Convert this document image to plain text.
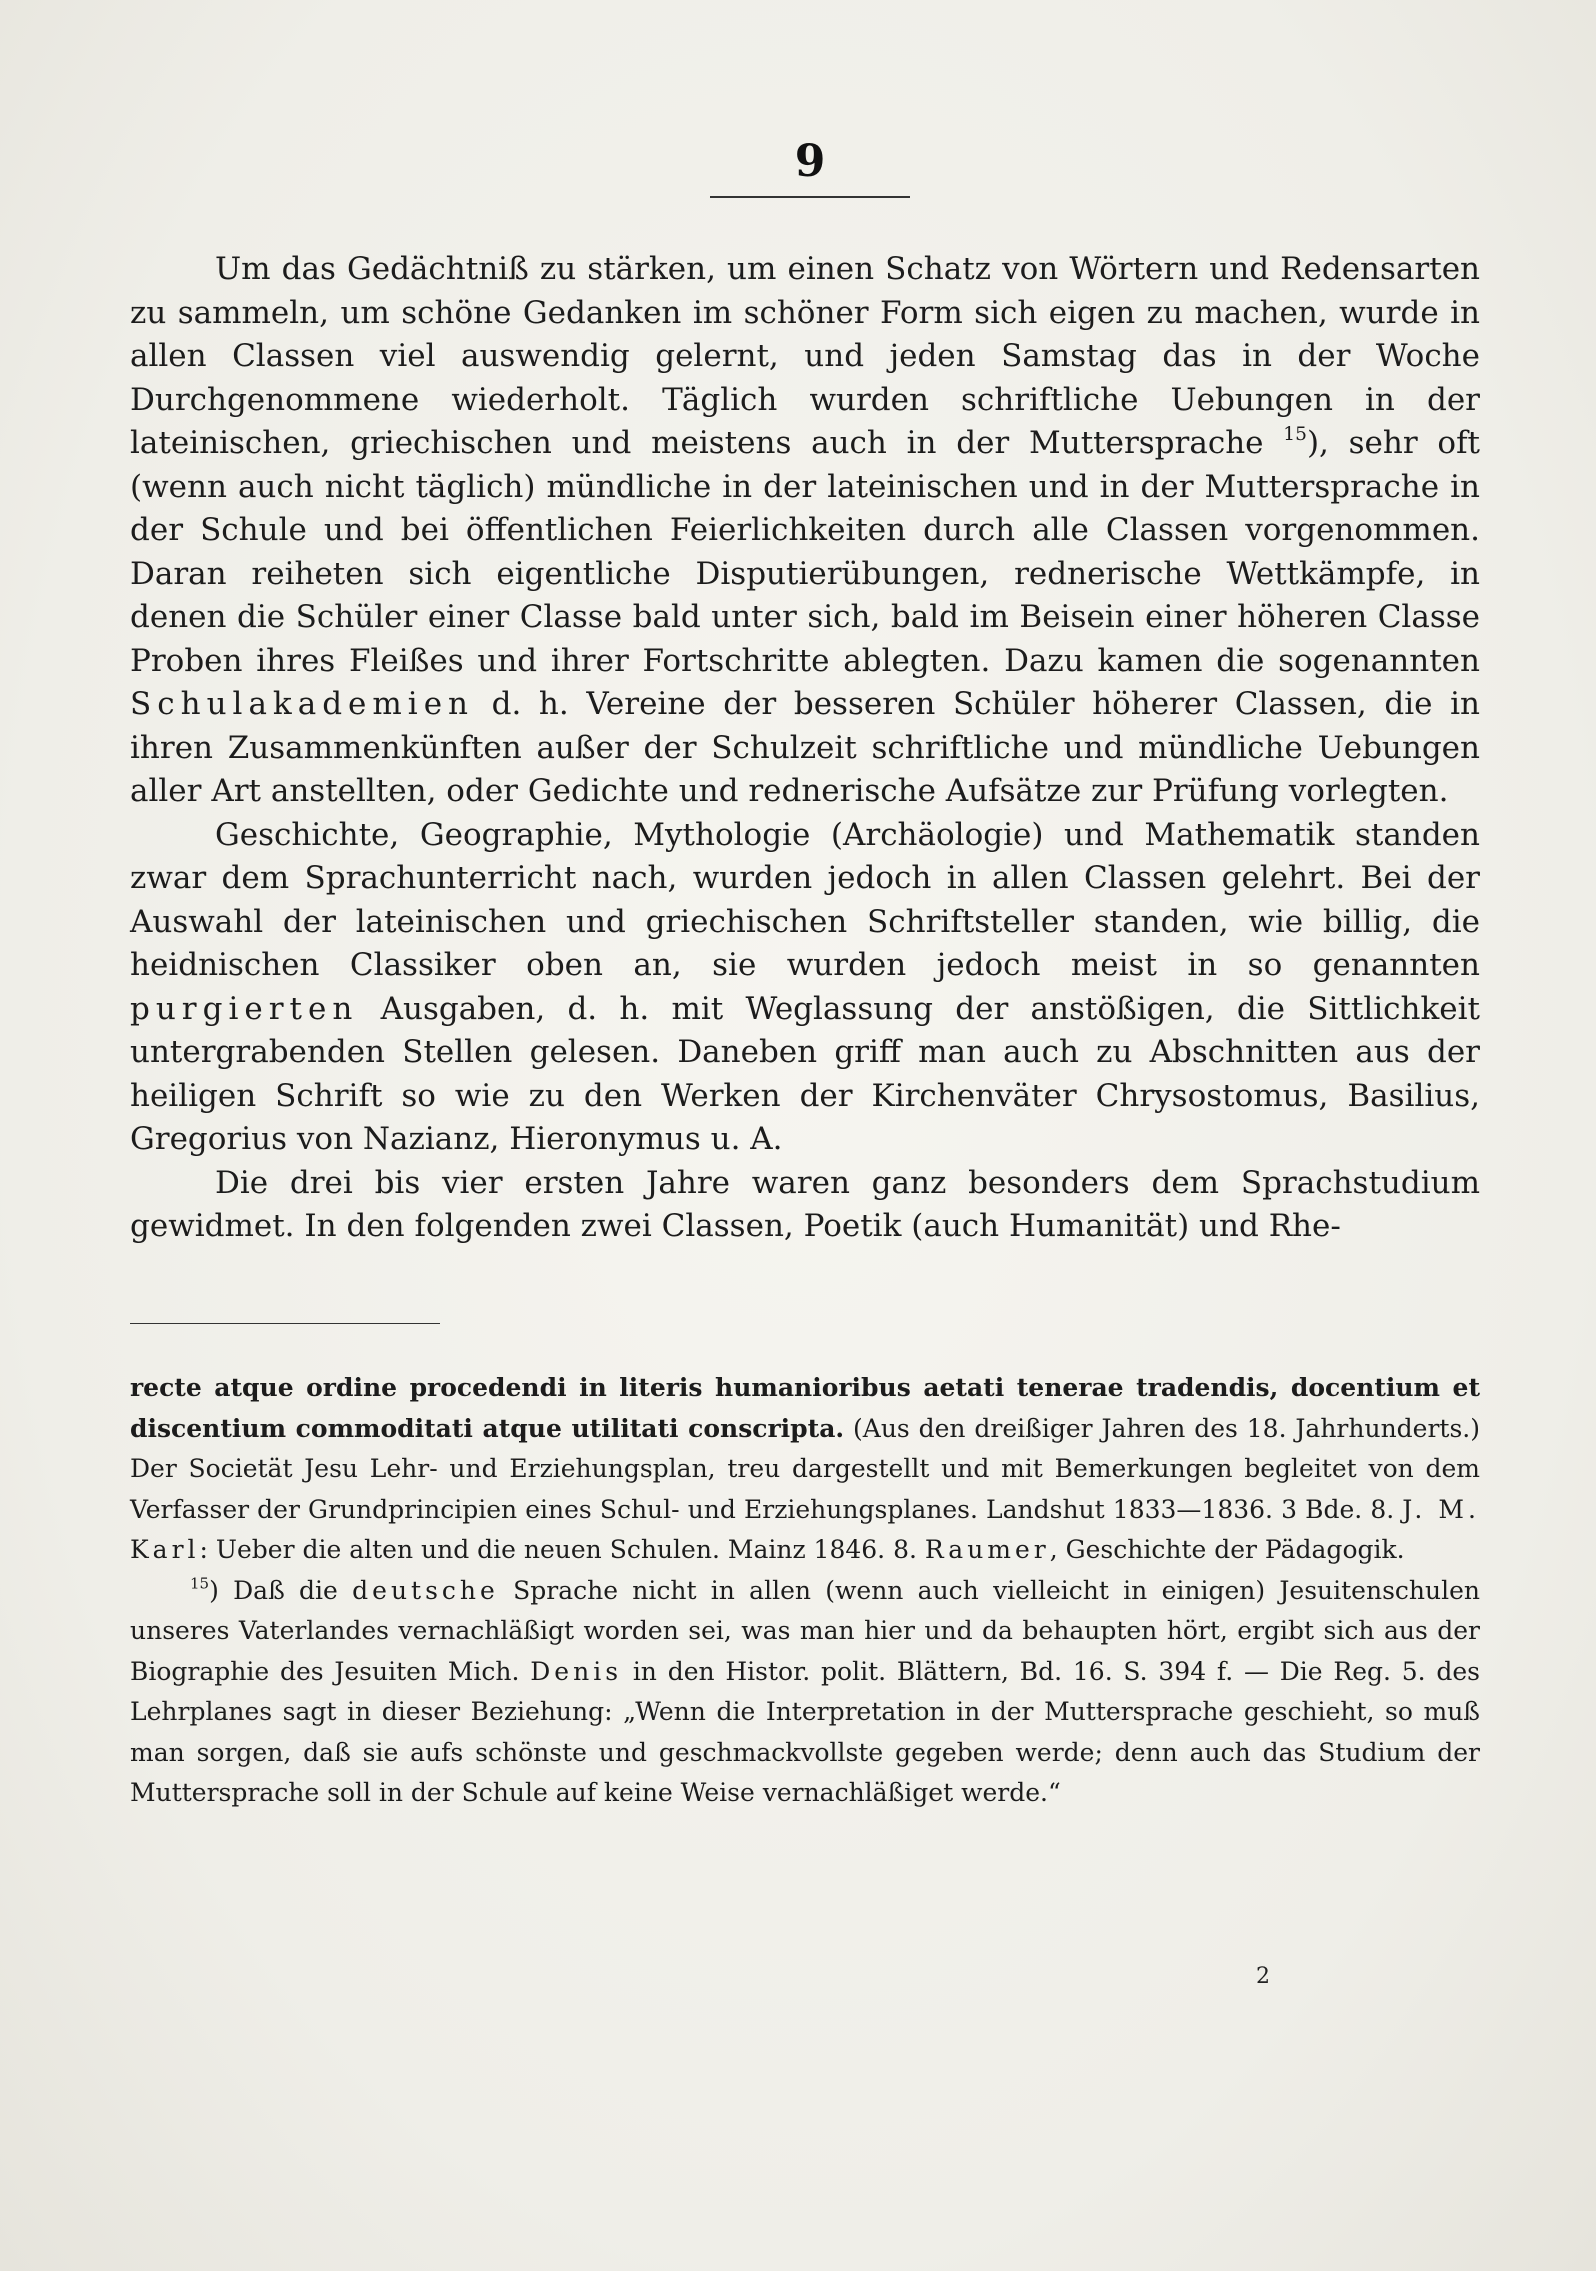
9

Um das Gedächtniß zu stärken, um einen Schatz von Wörtern und Redensarten zu sammeln, um schöne Gedanken im schöner Form sich eigen zu machen, wurde in allen Classen viel auswendig gelernt, und jeden Samstag das in der Woche Durchgenommene wiederholt. Täglich wurden schriftliche Uebungen in der lateinischen, griechischen und meistens auch in der Muttersprache $^{15}$), sehr oft (wenn auch nicht täglich) mündliche in der lateinischen und in der Muttersprache in der Schule und bei öffentlichen Feierlichkeiten durch alle Classen vorgenommen. Daran reiheten sich eigentliche Disputierübungen, rednerische Wettkämpfe, in denen die Schüler einer Classe bald unter sich, bald im Beisein einer höheren Classe Proben ihres Fleißes und ihrer Fortschritte ablegten. Dazu kamen die sogenannten Schulakademien d. h. Vereine der besseren Schüler höherer Classen, die in ihren Zusammenkünften außer der Schulzeit schriftliche und mündliche Uebungen aller Art anstellten, oder Gedichte und rednerische Aufsätze zur Prüfung vorlegten.

Geschichte, Geographie, Mythologie (Archäologie) und Mathematik standen zwar dem Sprachunterricht nach, wurden jedoch in allen Classen gelehrt. Bei der Auswahl der lateinischen und griechischen Schriftsteller standen, wie billig, die heidnischen Classiker oben an, sie wurden jedoch meist in so genannten purgierten Ausgaben, d. h. mit Weglassung der anstößigen, die Sittlichkeit untergrabenden Stellen gelesen. Daneben griff man auch zu Abschnitten aus der heiligen Schrift so wie zu den Werken der Kirchenväter Chrysostomus, Basilius, Gregorius von Nazianz, Hieronymus u. A.

Die drei bis vier ersten Jahre waren ganz besonders dem Sprachstudium gewidmet. In den folgenden zwei Classen, Poetik (auch Humanität) und Rhe-

recte atque ordine procedendi in literis humanioribus aetati tenerae tradendis, docentium et discentium commoditati atque utilitati conscripta. (Aus den dreißiger Jahren des 18. Jahrhunderts.) Der Societät Jesu Lehr- und Erziehungsplan, treu dargestellt und mit Bemerkungen begleitet von dem Verfasser der Grundprincipien eines Schul- und Erziehungsplanes. Landshut 1833—1836. 3 Bde. 8. J. M. Karl: Ueber die alten und die neuen Schulen. Mainz 1846. 8. Raumer, Geschichte der Pädagogik.

$^{15}$) Daß die deutsche Sprache nicht in allen (wenn auch vielleicht in einigen) Jesuitenschulen unseres Vaterlandes vernachläßigt worden sei, was man hier und da behaupten hört, ergibt sich aus der Biographie des Jesuiten Mich. Denis in den Histor. polit. Blättern, Bd. 16. S. 394 f. — Die Reg. 5. des Lehrplanes sagt in dieser Beziehung: „Wenn die Interpretation in der Muttersprache geschieht, so muß man sorgen, daß sie aufs schönste und geschmackvollste gegeben werde; denn auch das Studium der Muttersprache soll in der Schule auf keine Weise vernachläßiget werde.“

2
